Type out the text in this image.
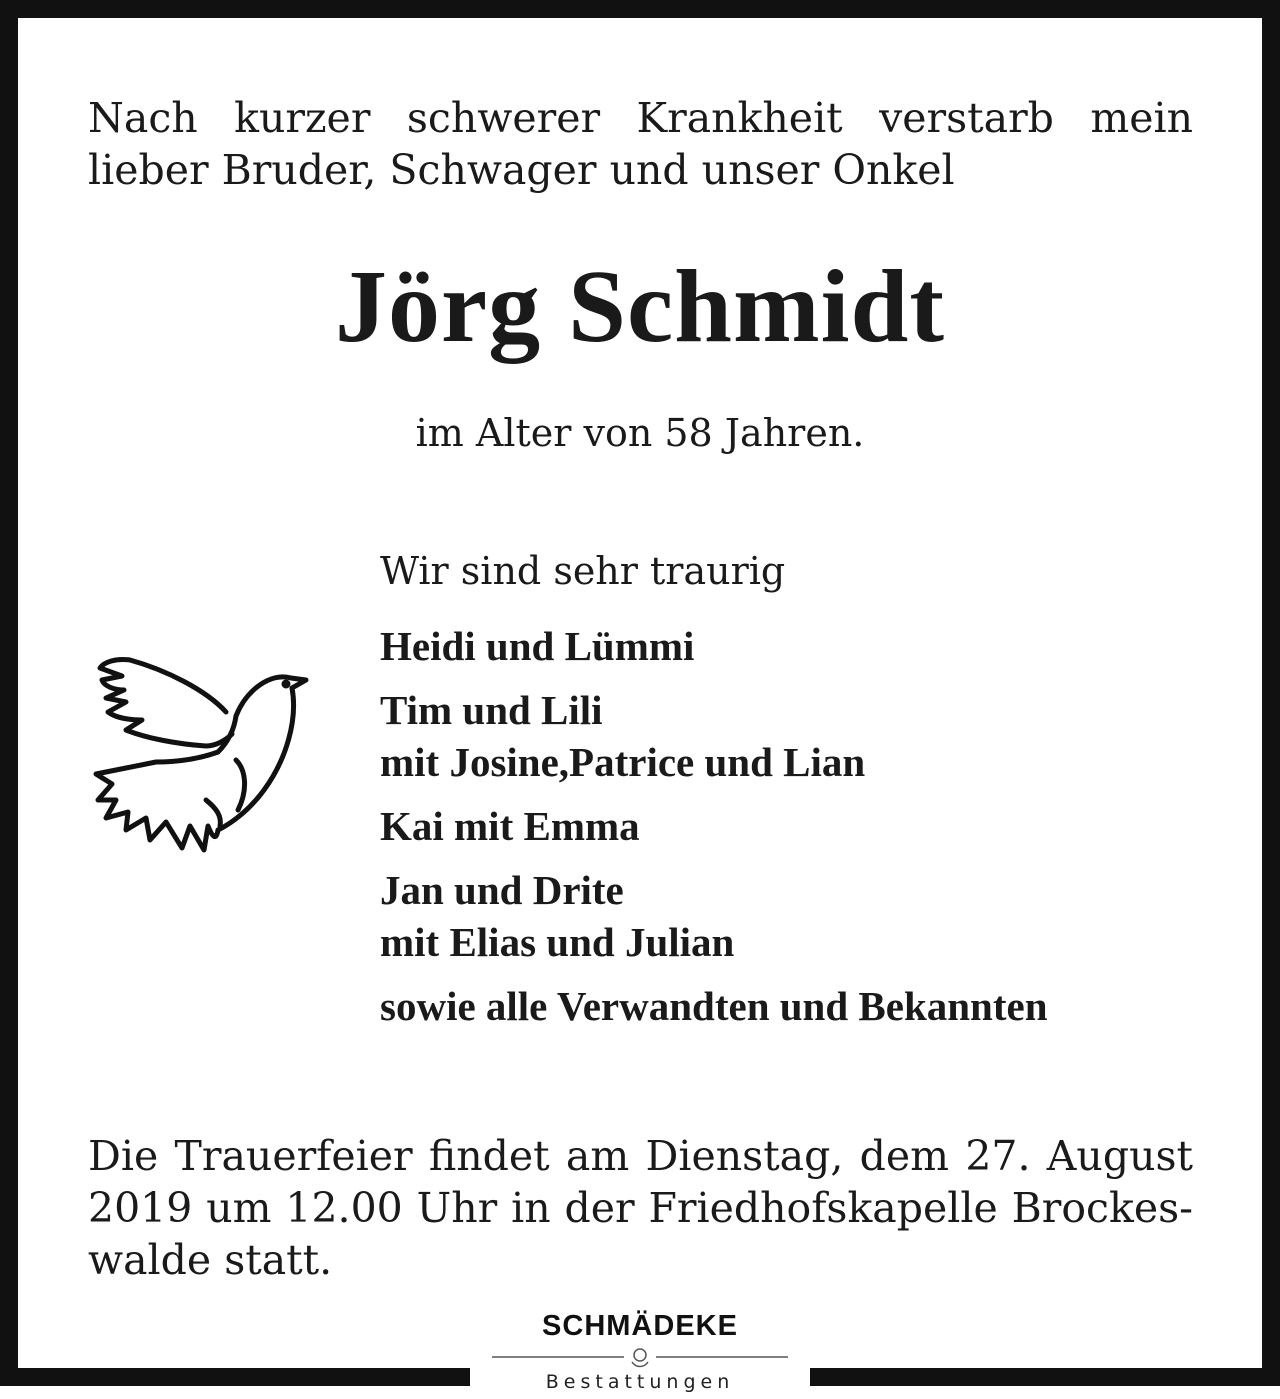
Nach kurzer schwerer Krankheit verstarb mein
lieber Bruder, Schwager und unser Onkel
Jörg Schmidt
im Alter von 58 Jahren.
Wir sind sehr traurig
Heidi und Lümmi
Tim und Lili
mit Josine,Patrice und Lian
Kai mit Emma
Jan und Drite
mit Elias und Julian
sowie alle Verwandten und Bekannten
Die Trauerfeier findet am Dienstag, dem 27. August
2019 um 12.00 Uhr in der Friedhofskapelle Brockes-
walde statt.
SCHMÄDEKE
Bestattungen
